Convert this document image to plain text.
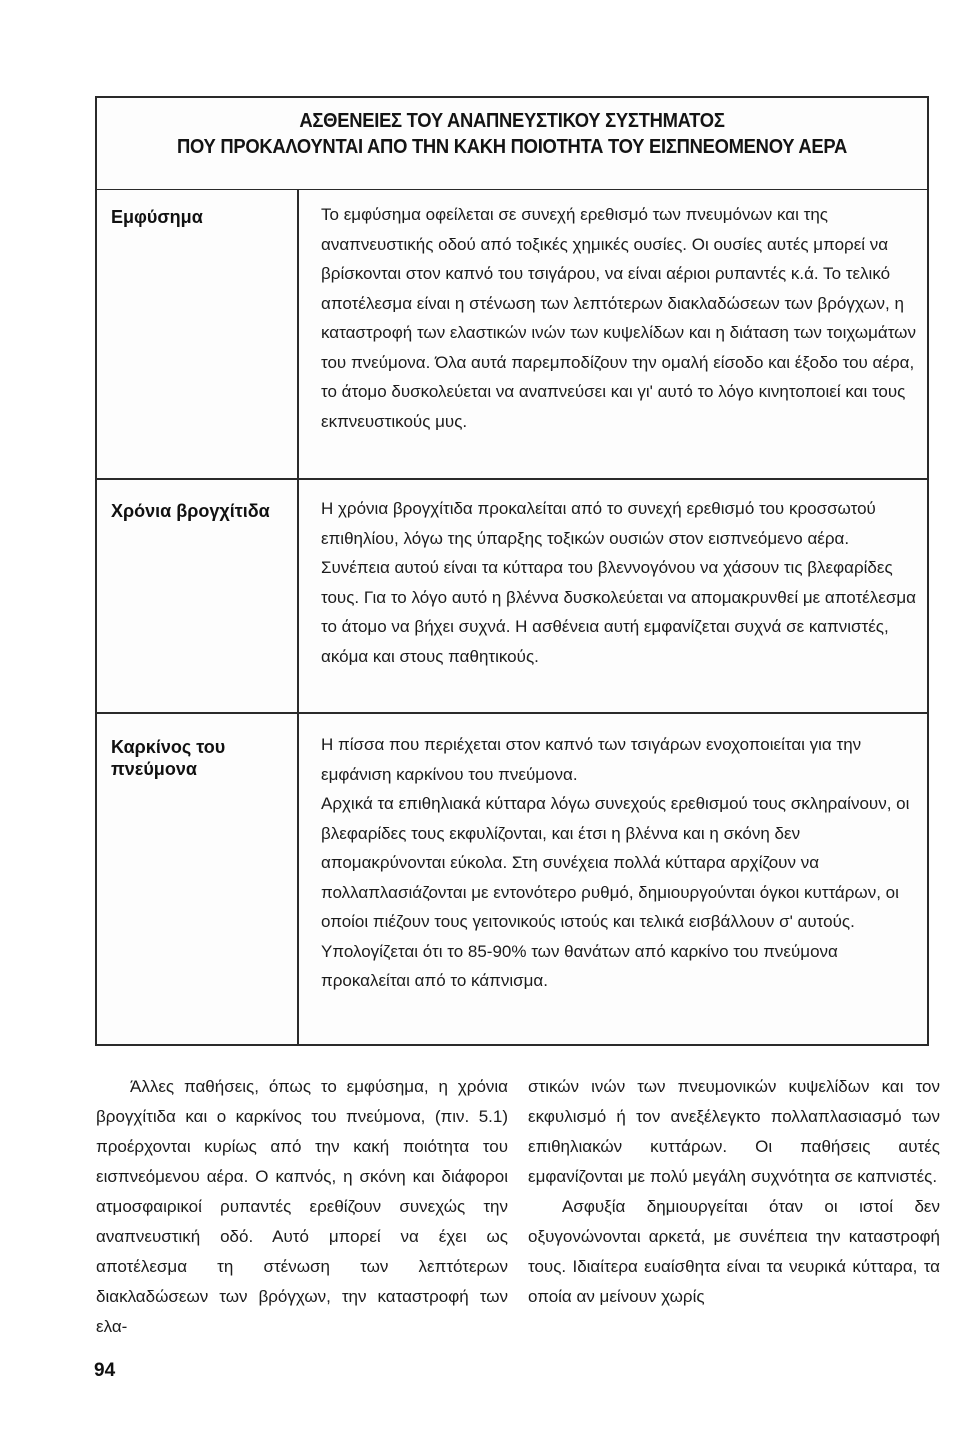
ΑΣΘΕΝΕΙΕΣ ΤΟΥ ΑΝΑΠΝΕΥΣΤΙΚΟΥ ΣΥΣΤΗΜΑΤΟΣ
ΠΟΥ ΠΡΟΚΑΛΟΥΝΤΑΙ ΑΠΟ ΤΗΝ ΚΑΚΗ ΠΟΙΟΤΗΤΑ ΤΟΥ ΕΙΣΠΝΕΟΜΕΝΟΥ ΑΕΡΑ
Εμφύσημα	Το εμφύσημα οφείλεται σε συνεχή ερεθισμό των πνευμόνων και της αναπνευστικής οδού από τοξικές χημικές ουσίες. Οι ουσίες αυτές μπορεί να βρίσκονται στον καπνό του τσιγάρου, να είναι αέριοι ρυπαντές κ.ά. Το τελικό αποτέλεσμα είναι η στένωση των λεπτότερων διακλαδώσεων των βρόγχων, η καταστροφή των ελαστικών ινών των κυψελίδων και η διάταση των τοιχωμάτων του πνεύμονα. Όλα αυτά παρεμποδίζουν την ομαλή είσοδο και έξοδο του αέρα, το άτομο δυσκολεύεται να αναπνεύσει και γι' αυτό το λόγο κινητοποιεί και τους εκπνευστικούς μυς.
Χρόνια βρογχίτιδα	Η χρόνια βρογχίτιδα προκαλείται από το συνεχή ερεθισμό του κροσσωτού επιθηλίου, λόγω της ύπαρξης τοξικών ουσιών στον εισπνεόμενο αέρα. Συνέπεια αυτού είναι τα κύτταρα του βλεννογόνου να χάσουν τις βλεφαρίδες τους. Για το λόγο αυτό η βλέννα δυσκολεύεται να απομακρυνθεί με αποτέλεσμα το άτομο να βήχει συχνά. Η ασθένεια αυτή εμφανίζεται συχνά σε καπνιστές, ακόμα και στους παθητικούς.
Καρκίνος του πνεύμονα
Η πίσσα που περιέχεται στον καπνό των τσιγάρων ενοχοποιείται για την εμφάνιση καρκίνου του πνεύμονα.
Αρχικά τα επιθηλιακά κύτταρα λόγω συνεχούς ερεθισμού τους σκληραίνουν, οι βλεφαρίδες τους εκφυλίζονται, και έτσι η βλέννα και η σκόνη δεν απομακρύνονται εύκολα. Στη συνέχεια πολλά κύτταρα αρχίζουν να πολλαπλασιάζονται με εντονότερο ρυθμό, δημιουργούνται όγκοι κυττάρων, οι οποίοι πιέζουν τους γειτονικούς ιστούς και τελικά εισβάλλουν σ' αυτούς.
Υπολογίζεται ότι το 85-90% των θανάτων από καρκίνο του πνεύμονα προκαλείται από το κάπνισμα.

Άλλες παθήσεις, όπως το εμφύσημα, η χρόνια βρογχίτιδα και ο καρκίνος του πνεύμονα, (πιν. 5.1) προέρχονται κυρίως από την κακή ποιότητα του εισπνεόμενου αέρα. Ο καπνός, η σκόνη και διάφοροι ατμοσφαιρικοί ρυπαντές ερεθίζουν συνεχώς την αναπνευστική οδό. Αυτό μπορεί να έχει ως αποτέλεσμα τη στένωση των λεπτότερων διακλαδώσεων των βρόγχων, την καταστροφή των ελα-

στικών ινών των πνευμονικών κυψελίδων και τον εκφυλισμό ή τον ανεξέλεγκτο πολλαπλασιασμό των επιθηλιακών κυττάρων. Οι παθήσεις αυτές εμφανίζονται με πολύ μεγάλη συχνότητα σε καπνιστές.

Ασφυξία δημιουργείται όταν οι ιστοί δεν οξυγονώνονται αρκετά, με συνέπεια την καταστροφή τους. Ιδιαίτερα ευαίσθητα είναι τα νευρικά κύτταρα, τα οποία αν μείνουν χωρίς

94
